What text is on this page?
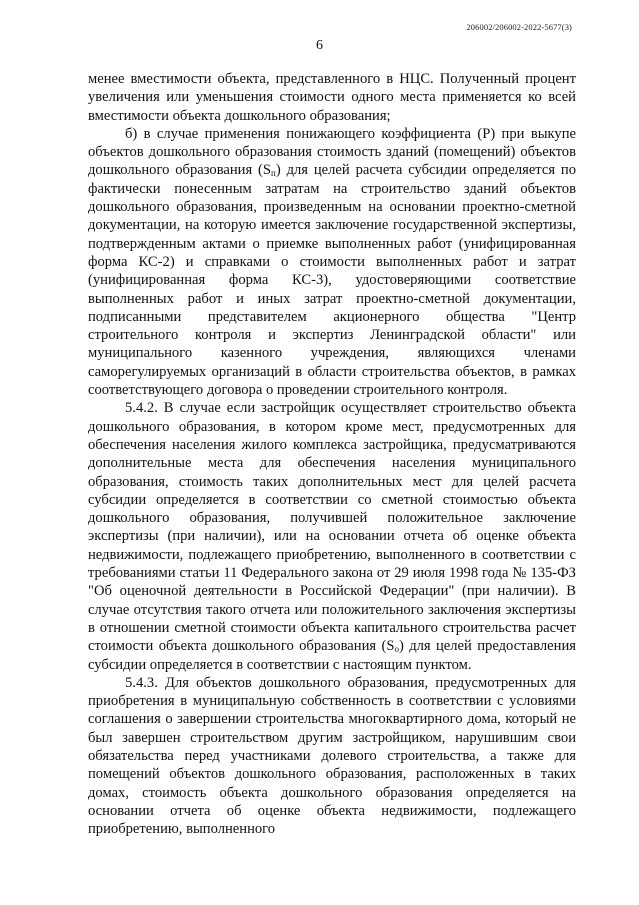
206002/206002-2022-5677(3)
6

менее вместимости объекта, представленного в НЦС. Полученный процент увеличения или уменьшения стоимости одного места применяется ко всей вместимости объекта дошкольного образования;

б) в случае применения понижающего коэффициента (P) при выкупе объектов дошкольного образования стоимость зданий (помещений) объектов дошкольного образования $(S_п)$ для целей расчета субсидии определяется по фактически понесенным затратам на строительство зданий объектов дошкольного образования, произведенным на основании проектно-сметной документации, на которую имеется заключение государственной экспертизы, подтвержденным актами о приемке выполненных работ (унифицированная форма КС-2) и справками о стоимости выполненных работ и затрат (унифицированная форма КС-3), удостоверяющими соответствие выполненных работ и иных затрат проектно-сметной документации, подписанными представителем акционерного общества "Центр строительного контроля и экспертиз Ленинградской области" или муниципального казенного учреждения, являющихся членами саморегулируемых организаций в области строительства объектов, в рамках соответствующего договора о проведении строительного контроля.

5.4.2. В случае если застройщик осуществляет строительство объекта дошкольного образования, в котором кроме мест, предусмотренных для обеспечения населения жилого комплекса застройщика, предусматриваются дополнительные места для обеспечения населения муниципального образования, стоимость таких дополнительных мест для целей расчета субсидии определяется в соответствии со сметной стоимостью объекта дошкольного образования, получившей положительное заключение экспертизы (при наличии), или на основании отчета об оценке объекта недвижимости, подлежащего приобретению, выполненного в соответствии с требованиями статьи 11 Федерального закона от 29 июля 1998 года № 135-ФЗ "Об оценочной деятельности в Российской Федерации" (при наличии). В случае отсутствия такого отчета или положительного заключения экспертизы в отношении сметной стоимости объекта капитального строительства расчет стоимости объекта дошкольного образования $(S_о)$ для целей предоставления субсидии определяется в соответствии с настоящим пунктом.

5.4.3. Для объектов дошкольного образования, предусмотренных для приобретения в муниципальную собственность в соответствии с условиями соглашения о завершении строительства многоквартирного дома, который не был завершен строительством другим застройщиком, нарушившим свои обязательства перед участниками долевого строительства, а также для помещений объектов дошкольного образования, расположенных в таких домах, стоимость объекта дошкольного образования определяется на основании отчета об оценке объекта недвижимости, подлежащего приобретению, выполненного
